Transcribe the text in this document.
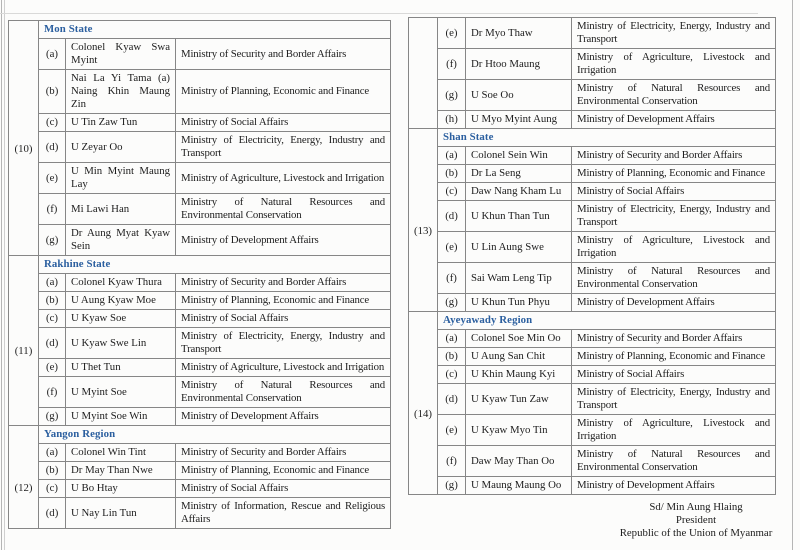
(10)	Mon State		
	(a)	Colonel Kyaw Swa Myint	Ministry of Security and Border Affairs
	(b)	Nai La Yi Tama (a) Naing Khin Maung Zin	Ministry of Planning, Economic and Finance
	(c)	U Tin Zaw Tun	Ministry of Social Affairs
	(d)	U Zeyar Oo	Ministry of Electricity, Energy, Industry and Transport
	(e)	U Min Myint Maung Lay	Ministry of Agriculture, Livestock and Irrigation
	(f)	Mi Lawi Han	Ministry of Natural Resources and Environmental Conservation
	(g)	Dr Aung Myat Kyaw Sein	Ministry of Development Affairs
(11)	Rakhine State		
	(a)	Colonel Kyaw Thura	Ministry of Security and Border Affairs
	(b)	U Aung Kyaw Moe	Ministry of Planning, Economic and Finance
	(c)	U Kyaw Soe	Ministry of Social Affairs
	(d)	U Kyaw Swe Lin	Ministry of Electricity, Energy, Industry and Transport
	(e)	U Thet Tun	Ministry of Agriculture, Livestock and Irrigation
	(f)	U Myint Soe	Ministry of Natural Resources and Environmental Conservation
	(g)	U Myint Soe Win	Ministry of Development Affairs
(12)	Yangon Region		
	(a)	Colonel Win Tint	Ministry of Security and Border Affairs
	(b)	Dr May Than Nwe	Ministry of Planning, Economic and Finance
	(c)	U Bo Htay	Ministry of Social Affairs
	(d)	U Nay Lin Tun	Ministry of Information, Rescue and Religious Affairs
	(e)	Dr Myo Thaw	Ministry of Electricity, Energy, Industry and Transport
	(f)	Dr Htoo Maung	Ministry of Agriculture, Livestock and Irrigation
	(g)	U Soe Oo	Ministry of Natural Resources and Environmental Conservation
	(h)	U Myo Myint Aung	Ministry of Development Affairs
(13)	Shan State		
	(a)	Colonel Sein Win	Ministry of Security and Border Affairs
	(b)	Dr La Seng	Ministry of Planning, Economic and Finance
	(c)	Daw Nang Kham Lu	Ministry of Social Affairs
	(d)	U Khun Than Tun	Ministry of Electricity, Energy, Industry and Transport
	(e)	U Lin Aung Swe	Ministry of Agriculture, Livestock and Irrigation
	(f)	Sai Wam Leng Tip	Ministry of Natural Resources and Environmental Conservation
	(g)	U Khun Tun Phyu	Ministry of Development Affairs
(14)	Ayeyawady Region		
	(a)	Colonel Soe Min Oo	Ministry of Security and Border Affairs
	(b)	U Aung San Chit	Ministry of Planning, Economic and Finance
	(c)	U Khin Maung Kyi	Ministry of Social Affairs
	(d)	U Kyaw Tun Zaw	Ministry of Electricity, Energy, Industry and Transport
	(e)	U Kyaw Myo Tin	Ministry of Agriculture, Livestock and Irrigation
	(f)	Daw May Than Oo	Ministry of Natural Resources and Environmental Conservation
	(g)	U Maung Maung Oo	Ministry of Development Affairs
Sd/ Min Aung Hlaing
President
Republic of the Union of Myanmar
